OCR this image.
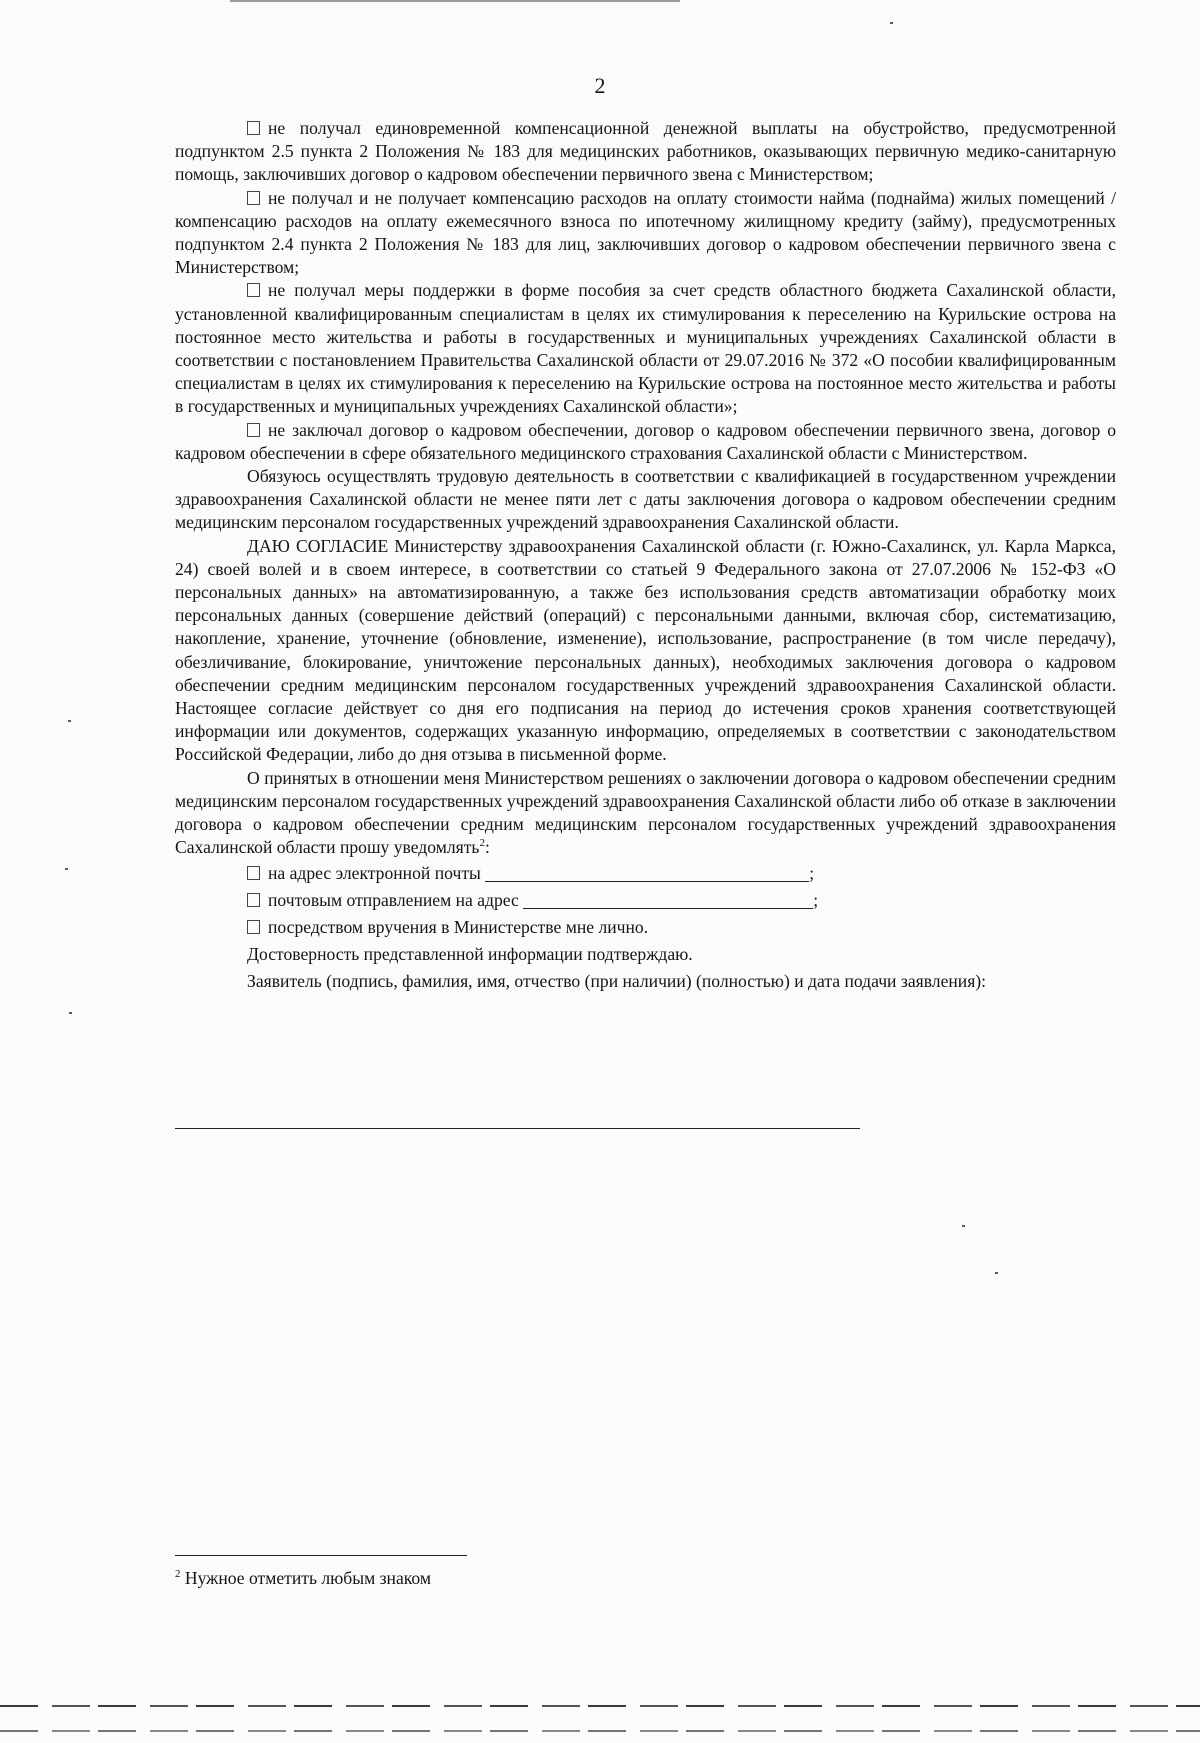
2

не получал единовременной компенсационной денежной выплаты на обустройство, предусмотренной подпунктом 2.5 пункта 2 Положения № 183 для медицинских работников, оказывающих первичную медико-санитарную помощь, заключивших договор о кадровом обеспечении первичного звена с Министерством;

не получал и не получает компенсацию расходов на оплату стоимости найма (поднайма) жилых помещений / компенсацию расходов на оплату ежемесячного взноса по ипотечному жилищному кредиту (займу), предусмотренных подпунктом 2.4 пункта 2 Положения № 183 для лиц, заключивших договор о кадровом обеспечении первичного звена с Министерством;

не получал меры поддержки в форме пособия за счет средств областного бюджета Сахалинской области, установленной квалифицированным специалистам в целях их стимулирования к переселению на Курильские острова на постоянное место жительства и работы в государственных и муниципальных учреждениях Сахалинской области в соответствии с постановлением Правительства Сахалинской области от 29.07.2016 № 372 «О пособии квалифицированным специалистам в целях их стимулирования к переселению на Курильские острова на постоянное место жительства и работы в государственных и муниципальных учреждениях Сахалинской области»;

не заключал договор о кадровом обеспечении, договор о кадровом обеспечении первичного звена, договор о кадровом обеспечении в сфере обязательного медицинского страхования Сахалинской области с Министерством.

Обязуюсь осуществлять трудовую деятельность в соответствии с квалификацией в государственном учреждении здравоохранения Сахалинской области не менее пяти лет с даты заключения договора о кадровом обеспечении средним медицинским персоналом государственных учреждений здравоохранения Сахалинской области.

ДАЮ СОГЛАСИЕ Министерству здравоохранения Сахалинской области (г. Южно-Сахалинск, ул. Карла Маркса, 24) своей волей и в своем интересе, в соответствии со статьей 9 Федерального закона от 27.07.2006 № 152-ФЗ «О персональных данных» на автоматизированную, а также без использования средств автоматизации обработку моих персональных данных (совершение действий (операций) с персональными данными, включая сбор, систематизацию, накопление, хранение, уточнение (обновление, изменение), использование, распространение (в том числе передачу), обезличивание, блокирование, уничтожение персональных данных), необходимых заключения договора о кадровом обеспечении средним медицинским персоналом государственных учреждений здравоохранения Сахалинской области. Настоящее согласие действует со дня его подписания на период до истечения сроков хранения соответствующей информации или документов, содержащих указанную информацию, определяемых в соответствии с законодательством Российской Федерации, либо до дня отзыва в письменной форме.

О принятых в отношении меня Министерством решениях о заключении договора о кадровом обеспечении средним медицинским персоналом государственных учреждений здравоохранения Сахалинской области либо об отказе в заключении договора о кадровом обеспечении средним медицинским персоналом государственных учреждений здравоохранения Сахалинской области прошу уведомлять$^2$:

на адрес электронной почты	;

почтовым отправлением на адрес	;

посредством вручения в Министерстве мне лично.

Достоверность представленной информации подтверждаю.

Заявитель (подпись, фамилия, имя, отчество (при наличии) (полностью) и дата подачи заявления):

$^2$ Нужное отметить любым знаком
